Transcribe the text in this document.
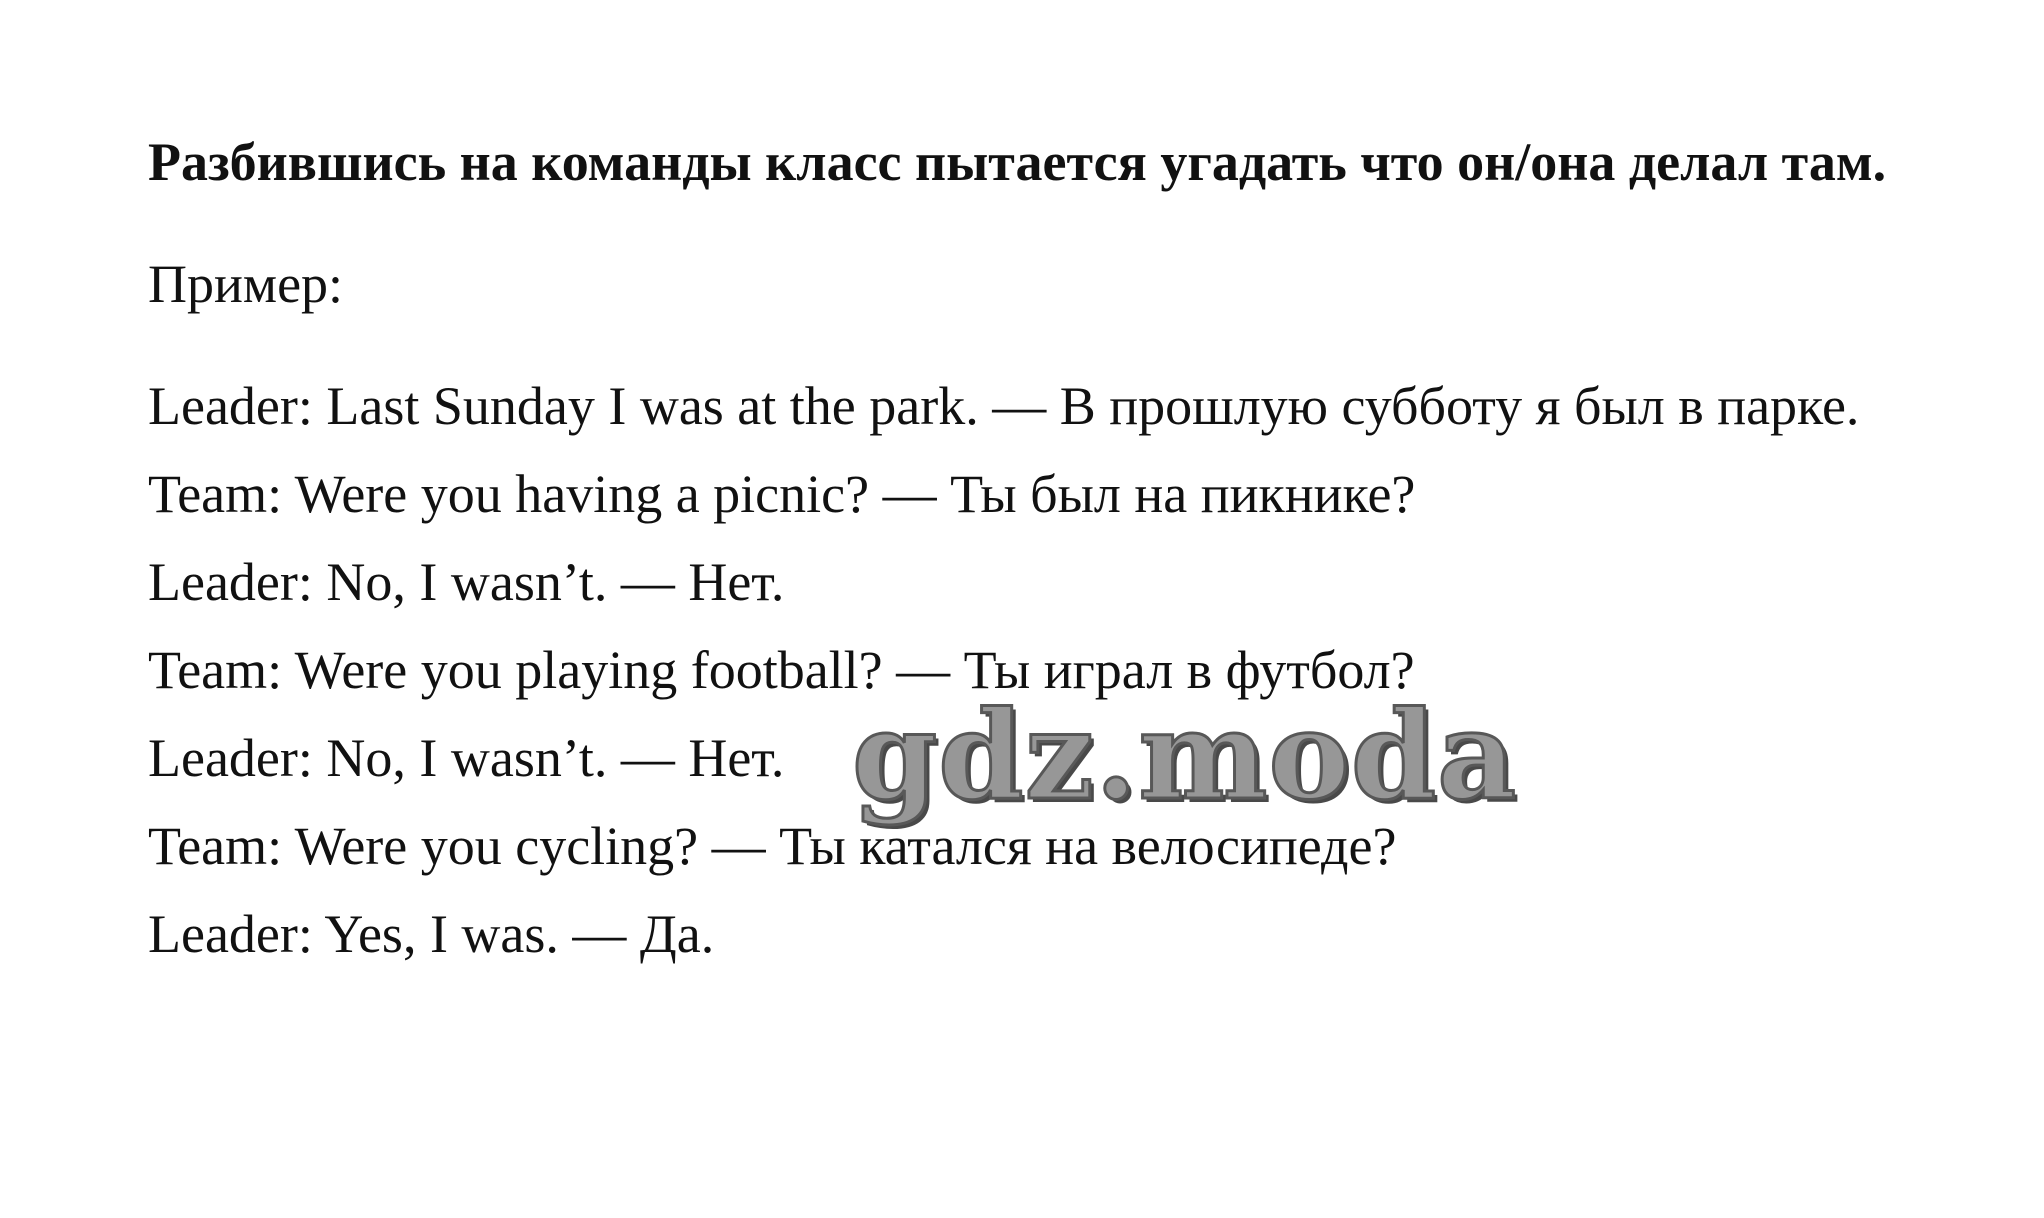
Разбившись на команды класс пытается угадать что он/она делал там.

Пример:

Leader: Last Sunday I was at the park. — В прошлую субботу я был в парке.
Team: Were you having a picnic? — Ты был на пикнике?
Leader: No, I wasn’t. — Нет.
Team: Were you playing football? — Ты играл в футбол?
Leader: No, I wasn’t. — Нет.
Team: Were you cycling? — Ты катался на велосипеде?
Leader: Yes, I was. — Да.
gdz.moda
